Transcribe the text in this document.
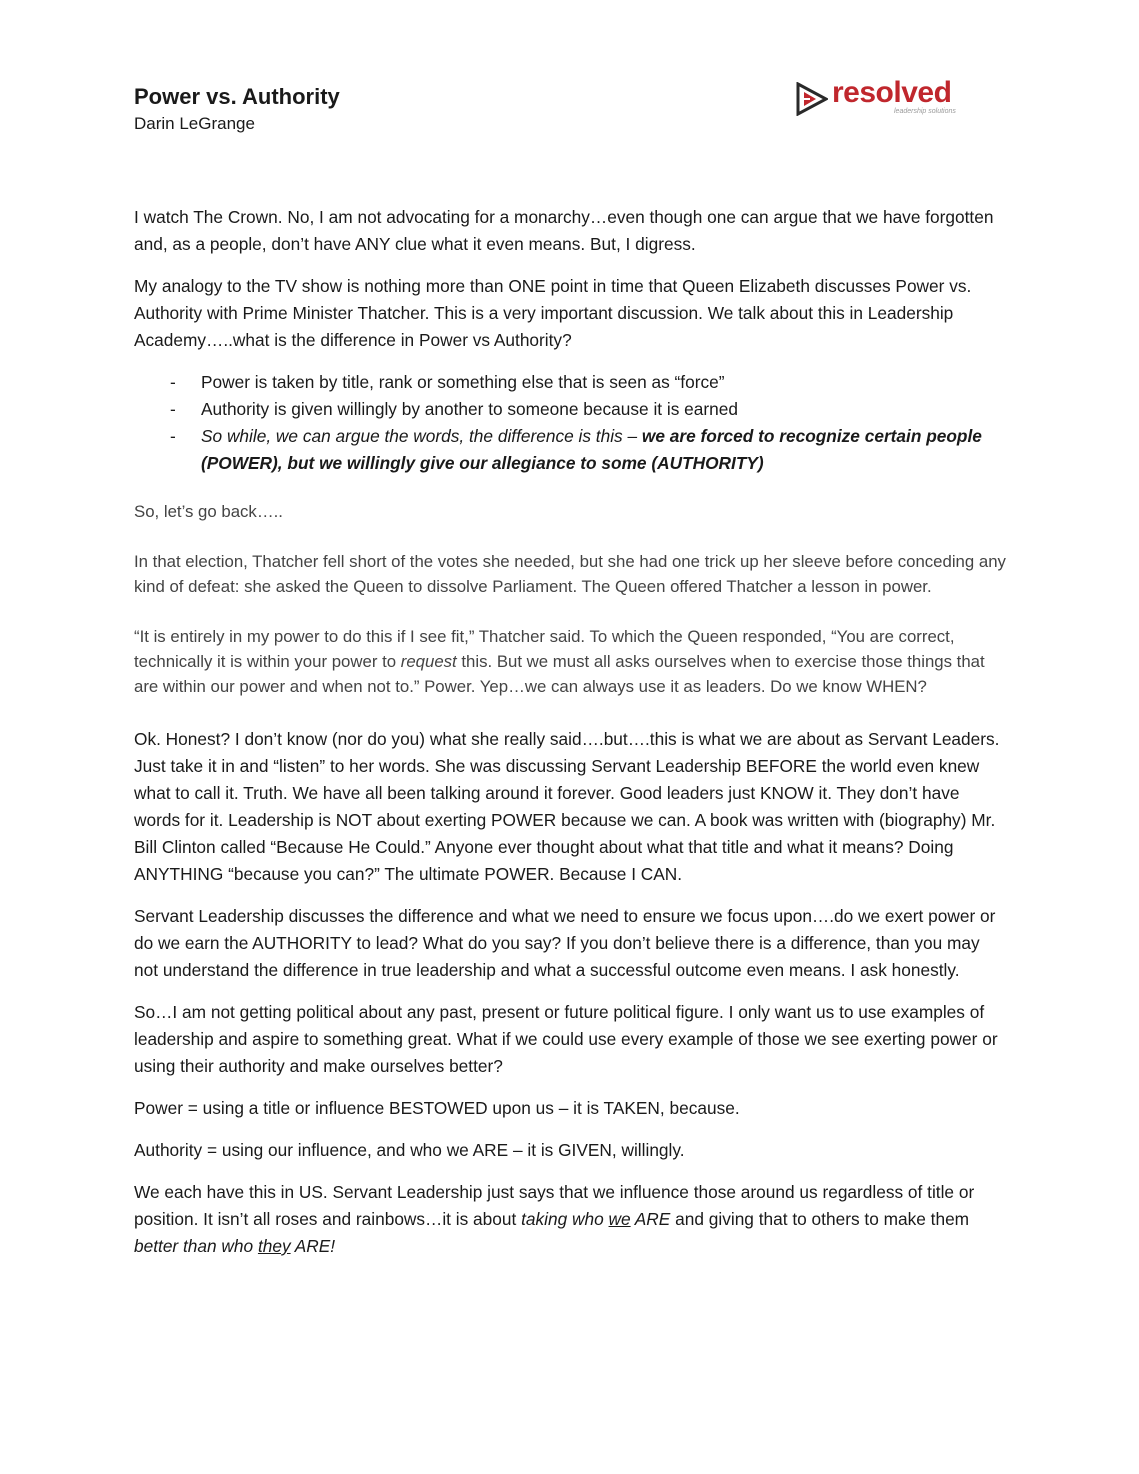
Power vs. Authority
Darin LeGrange
resolved
leadership solutions

I watch The Crown. No, I am not advocating for a monarchy…even though one can argue that we have forgotten and, as a people, don’t have ANY clue what it even means. But, I digress.

My analogy to the TV show is nothing more than ONE point in time that Queen Elizabeth discusses Power vs. Authority with Prime Minister Thatcher. This is a very important discussion. We talk about this in Leadership Academy…..what is the difference in Power vs Authority?

- Power is taken by title, rank or something else that is seen as “force”
- Authority is given willingly by another to someone because it is earned
- So while, we can argue the words, the difference is this – we are forced to recognize certain people (POWER), but we willingly give our allegiance to some (AUTHORITY)

So, let’s go back…..

In that election, Thatcher fell short of the votes she needed, but she had one trick up her sleeve before conceding any kind of defeat: she asked the Queen to dissolve Parliament. The Queen offered Thatcher a lesson in power.

“It is entirely in my power to do this if I see fit,” Thatcher said. To which the Queen responded, “You are correct, technically it is within your power to request this. But we must all asks ourselves when to exercise those things that are within our power and when not to.” Power. Yep…we can always use it as leaders. Do we know WHEN?

Ok. Honest? I don’t know (nor do you) what she really said….but….this is what we are about as Servant Leaders. Just take it in and “listen” to her words. She was discussing Servant Leadership BEFORE the world even knew what to call it. Truth. We have all been talking around it forever. Good leaders just KNOW it. They don’t have words for it. Leadership is NOT about exerting POWER because we can. A book was written with (biography) Mr. Bill Clinton called “Because He Could.” Anyone ever thought about what that title and what it means? Doing ANYTHING “because you can?” The ultimate POWER. Because I CAN.

Servant Leadership discusses the difference and what we need to ensure we focus upon….do we exert power or do we earn the AUTHORITY to lead? What do you say? If you don’t believe there is a difference, than you may not understand the difference in true leadership and what a successful outcome even means. I ask honestly.

So…I am not getting political about any past, present or future political figure. I only want us to use examples of leadership and aspire to something great. What if we could use every example of those we see exerting power or using their authority and make ourselves better?

Power = using a title or influence BESTOWED upon us – it is TAKEN, because.

Authority = using our influence, and who we ARE – it is GIVEN, willingly.

We each have this in US. Servant Leadership just says that we influence those around us regardless of title or position. It isn’t all roses and rainbows…it is about taking who we ARE and giving that to others to make them better than who they ARE!
